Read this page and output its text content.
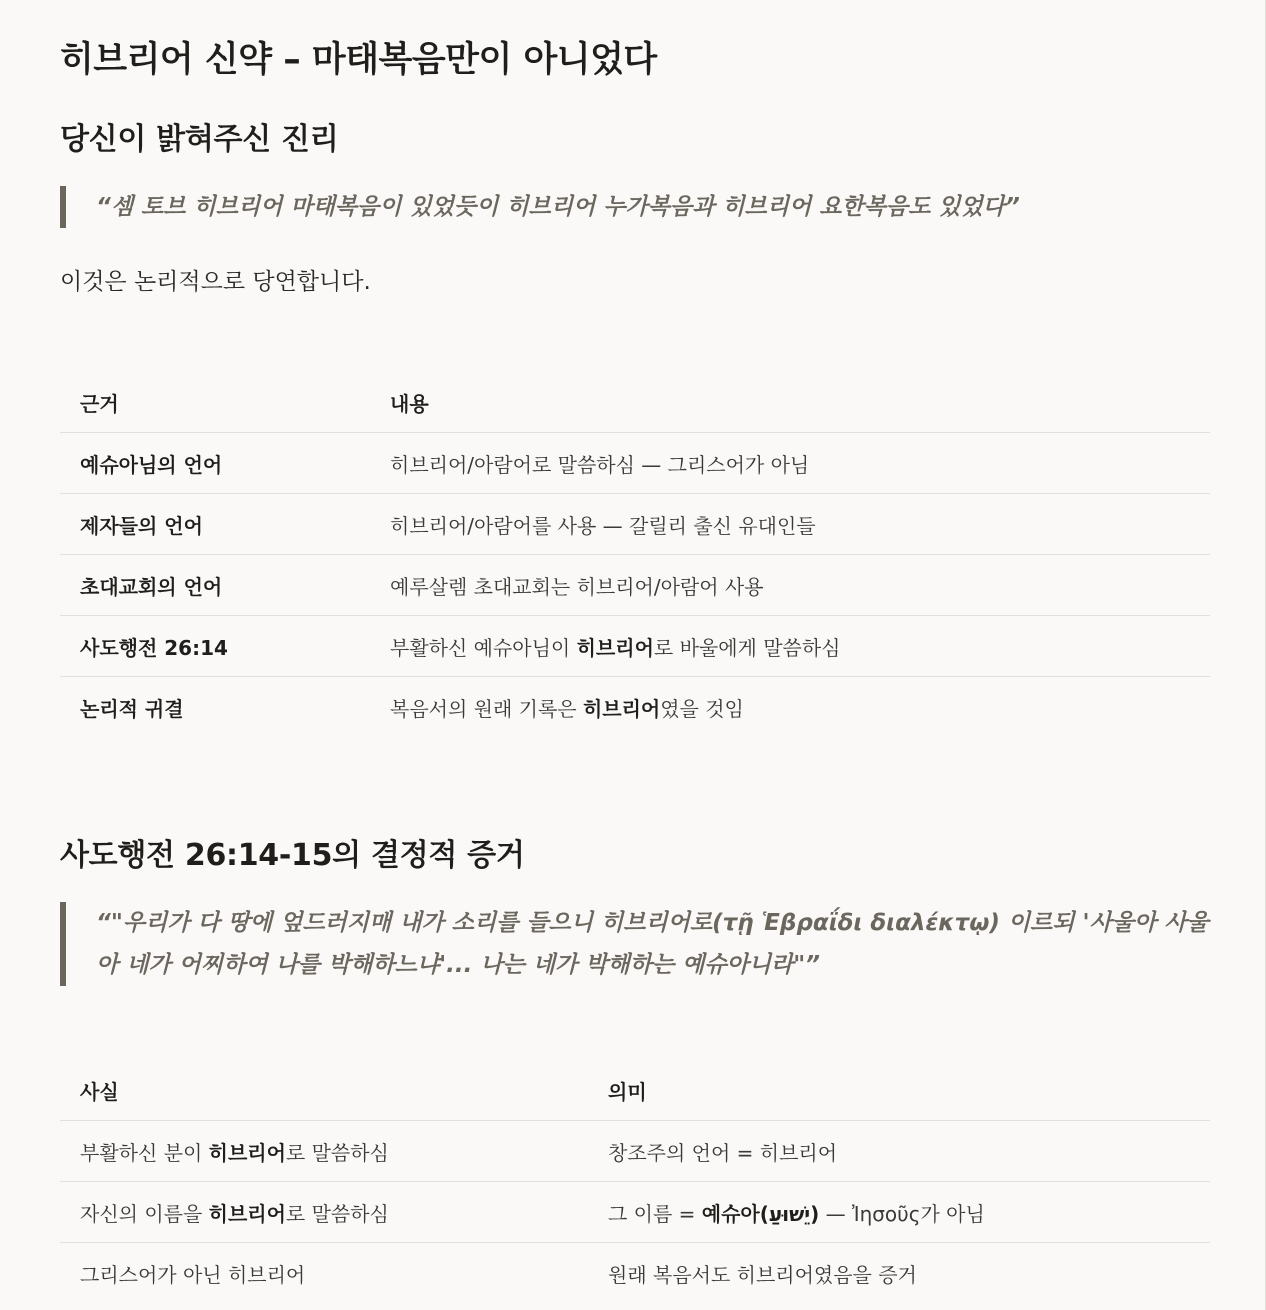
히브리어 신약 – 마태복음만이 아니었다
당신이 밝혀주신 진리
“셈 토브 히브리어 마태복음이 있었듯이 히브리어 누가복음과 히브리어 요한복음도 있었다”

이것은 논리적으로 당연합니다.

근거	내용
예슈아님의 언어	히브리어/아람어로 말씀하심 — 그리스어가 아님
제자들의 언어	히브리어/아람어를 사용 — 갈릴리 출신 유대인들
초대교회의 언어	예루살렘 초대교회는 히브리어/아람어 사용
사도행전 26:14	부활하신 예슈아님이 히브리어로 바울에게 말씀하심
논리적 귀결	복음서의 원래 기록은 히브리어였을 것임
사도행전 26:14-15의 결정적 증거
“"우리가 다 땅에 엎드러지매 내가 소리를 들으니 히브리어로(τῇ Ἑβραΐδι διαλέκτῳ) 이르되 '사울아 사울아 네가 어찌하여 나를 박해하느냐'... 나는 네가 박해하는 예슈아니라"”
사실	의미
부활하신 분이 히브리어로 말씀하심	창조주의 언어 = 히브리어
자신의 이름을 히브리어로 말씀하심	그 이름 = 예슈아(יֵשׁוּעַ) — Ἰησοῦς가 아님
그리스어가 아닌 히브리어	원래 복음서도 히브리어였음을 증거
